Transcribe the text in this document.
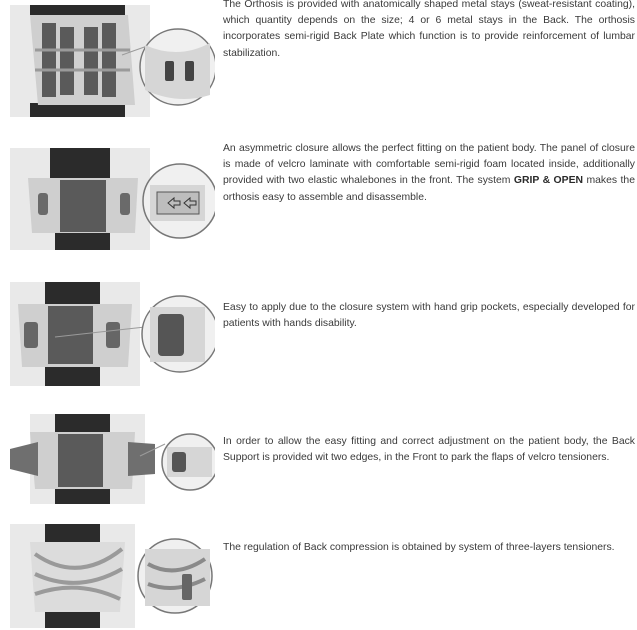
The Orthosis is provided with anatomically shaped metal stays (sweat-resistant coating), which quantity depends on the size; 4 or 6 metal stays in the Back. The orthosis incorporates semi-rigid Back Plate which function is to provide reinforcement of lumbar stabilization.

An asymmetric closure allows the perfect fitting on the patient body. The panel of closure is made of velcro laminate with comfortable semi-rigid foam located inside, additionally provided with two elastic whalebones in the front. The system GRIP & OPEN makes the orthosis easy to assemble and disassemble.

Easy to apply due to the closure system with hand grip pockets, especially developed for patients with hands disability.

In order to allow the easy fitting and correct adjustment on the patient body, the Back Support is provided wit two edges, in the Front to park the flaps of velcro tensioners.

The regulation of Back compression is obtained by system of three-layers tensioners.
